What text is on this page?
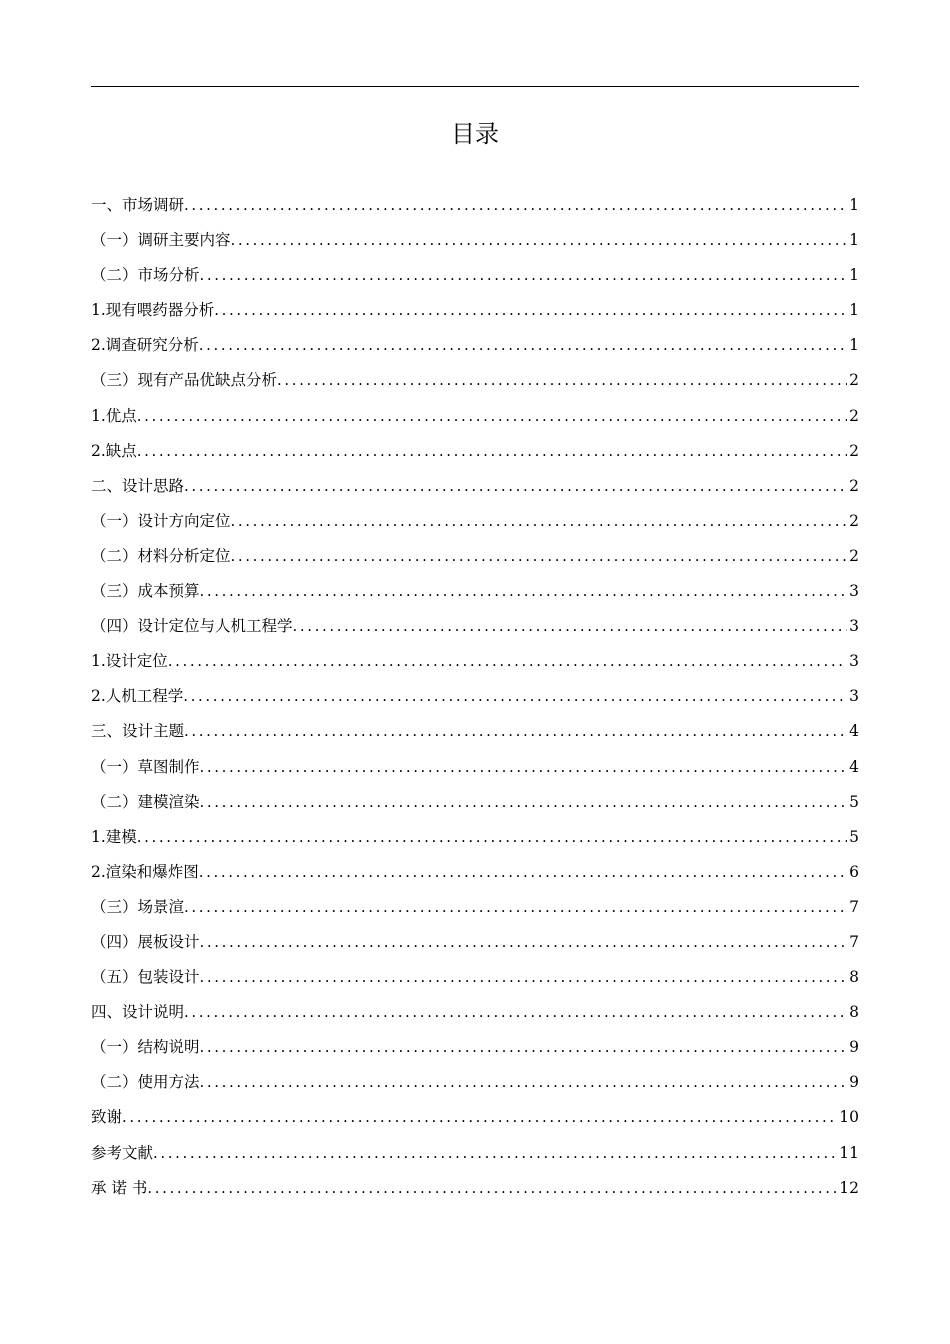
目录
一、市场调研 .....	1
（一）调研主要内容 .....	1
（二）市场分析 .....	1
1.现有喂药器分析 .....	1
2.调查研究分析 .....	1
（三）现有产品优缺点分析 .....	2
1.优点 .....	2
2.缺点 .....	2
二、设计思路 .....	2
（一）设计方向定位 .....	2
（二）材料分析定位 .....	2
（三）成本预算 .....	3
（四）设计定位与人机工程学 .....	3
1.设计定位 .....	3
2.人机工程学 .....	3
三、设计主题 .....	4
（一）草图制作 .....	4
（二）建模渲染 .....	5
1.建模 .....	5
2.渲染和爆炸图 .....	6
（三）场景渲 .....	7
（四）展板设计 .....	7
（五）包装设计 .....	8
四、设计说明 .....	8
（一）结构说明 .....	9
（二）使用方法 .....	9
致谢 .....	10
参考文献 .....	11
承 诺 书 .....	12
